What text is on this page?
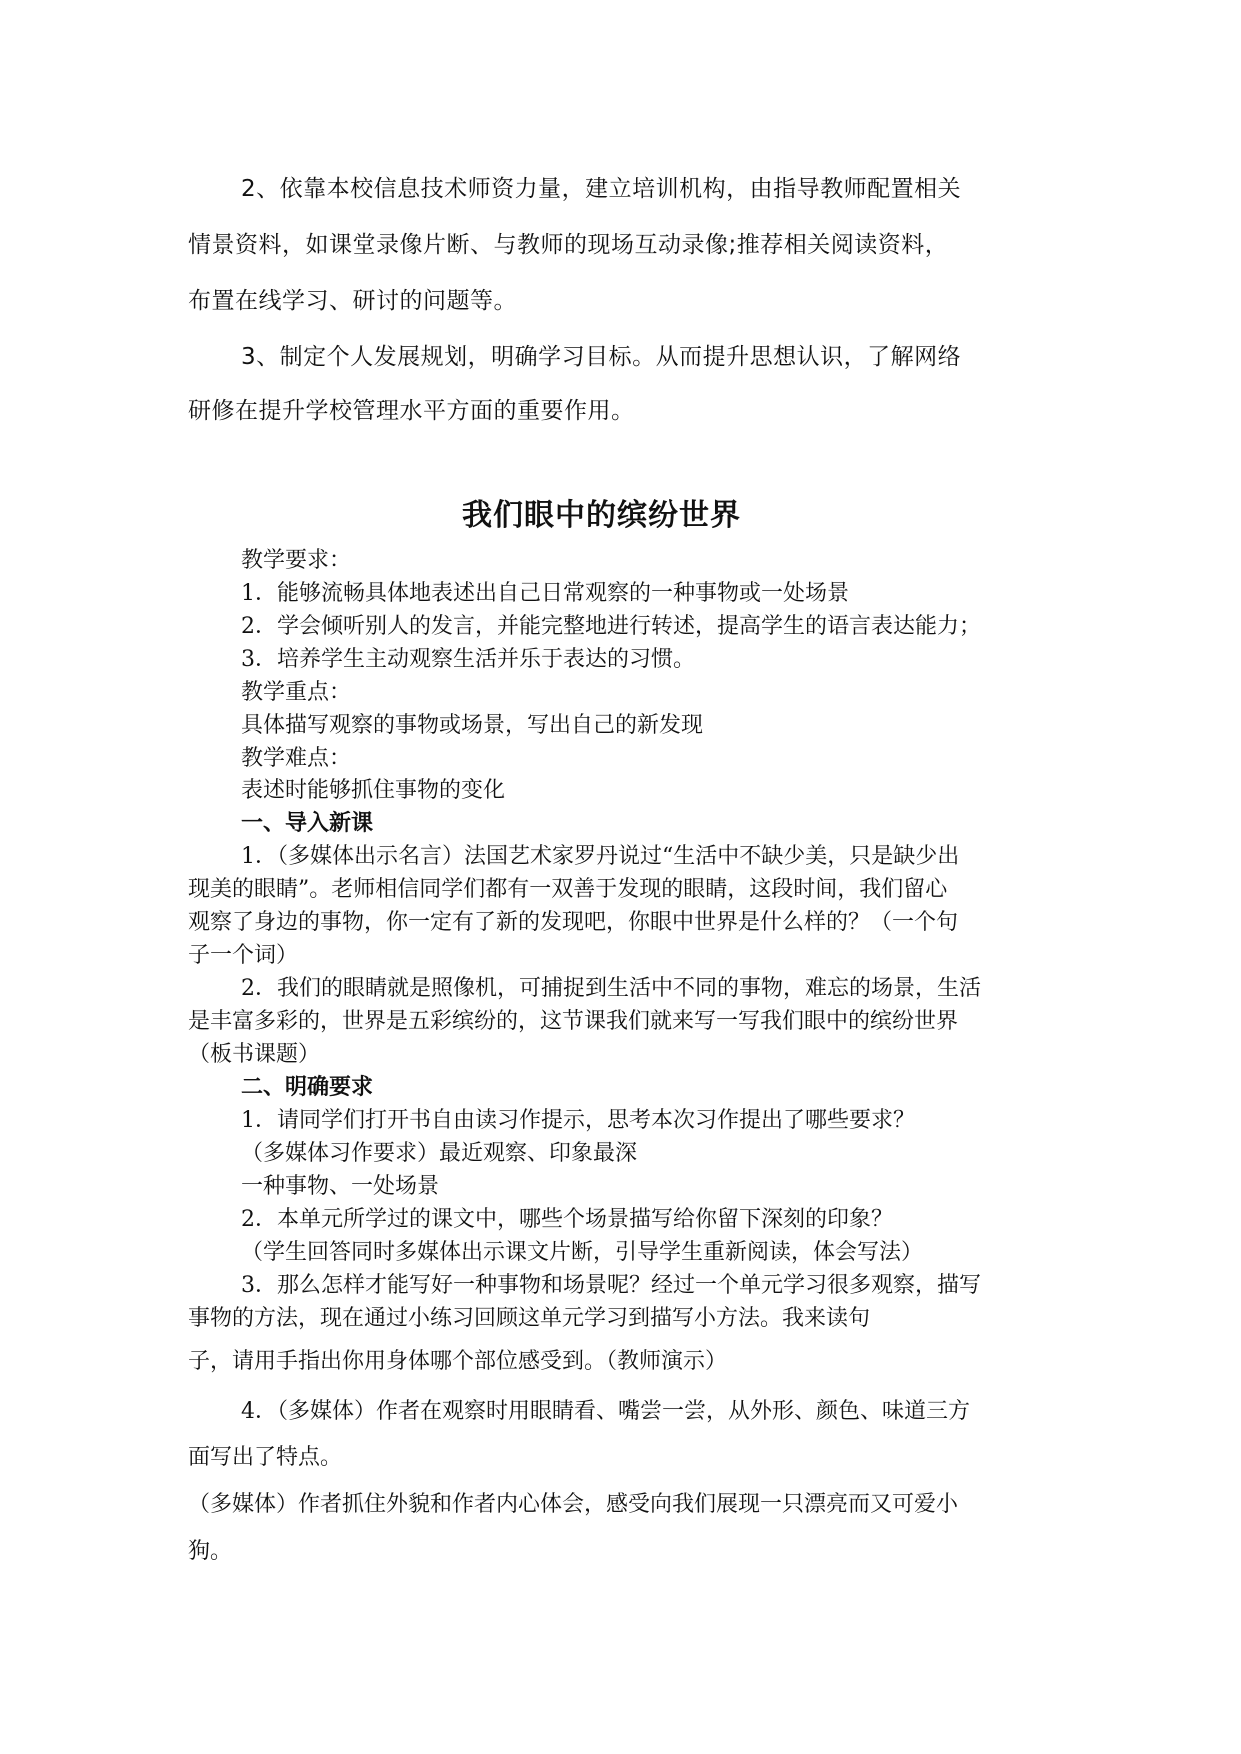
2、依靠本校信息技术师资力量，建立培训机构，由指导教师配置相关

情景资料，如课堂录像片断、与教师的现场互动录像;推荐相关阅读资料，

布置在线学习、研讨的问题等。

3、制定个人发展规划，明确学习目标。从而提升思想认识，了解网络

研修在提升学校管理水平方面的重要作用。

我们眼中的缤纷世界

教学要求：

1．能够流畅具体地表述出自己日常观察的一种事物或一处场景

2．学会倾听别人的发言，并能完整地进行转述，提高学生的语言表达能力；

3．培养学生主动观察生活并乐于表达的习惯。

教学重点：

具体描写观察的事物或场景，写出自己的新发现

教学难点：

表述时能够抓住事物的变化

一、导入新课

1．（多媒体出示名言）法国艺术家罗丹说过“生活中不缺少美，只是缺少出

现美的眼睛”。老师相信同学们都有一双善于发现的眼睛，这段时间，我们留心

观察了身边的事物，你一定有了新的发现吧，你眼中世界是什么样的？（一个句

子一个词）

2．我们的眼睛就是照像机，可捕捉到生活中不同的事物，难忘的场景，生活

是丰富多彩的，世界是五彩缤纷的，这节课我们就来写一写我们眼中的缤纷世界

（板书课题）

二、明确要求

1．请同学们打开书自由读习作提示，思考本次习作提出了哪些要求？

（多媒体习作要求）最近观察、印象最深

一种事物、一处场景

2．本单元所学过的课文中，哪些个场景描写给你留下深刻的印象？

（学生回答同时多媒体出示课文片断，引导学生重新阅读，体会写法）

3．那么怎样才能写好一种事物和场景呢？经过一个单元学习很多观察，描写

事物的方法，现在通过小练习回顾这单元学习到描写小方法。我来读句

子，请用手指出你用身体哪个部位感受到。（教师演示）

4．（多媒体）作者在观察时用眼睛看、嘴尝一尝，从外形、颜色、味道三方

面写出了特点。

（多媒体）作者抓住外貌和作者内心体会，感受向我们展现一只漂亮而又可爱小

狗。
